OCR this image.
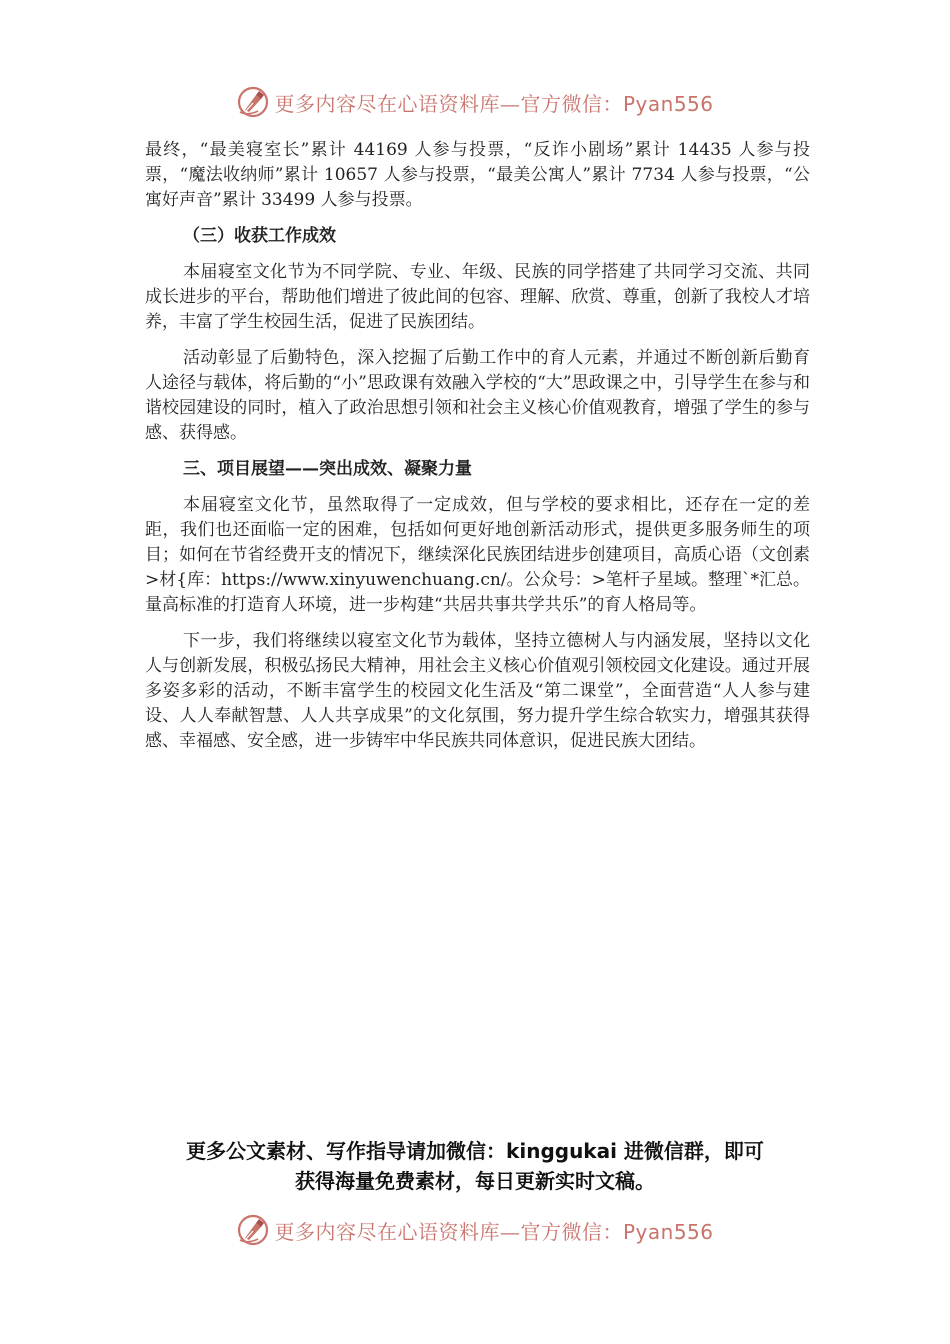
更多内容尽在心语资料库—官方微信：Pyan556

最终，“最美寝室长”累计 44169 人参与投票，“反诈小剧场”累计 14435 人参与投票，“魔法收纳师”累计 10657 人参与投票，“最美公寓人”累计 7734 人参与投票，“公寓好声音”累计 33499 人参与投票。

（三）收获工作成效

本届寝室文化节为不同学院、专业、年级、民族的同学搭建了共同学习交流、共同成长进步的平台，帮助他们增进了彼此间的包容、理解、欣赏、尊重，创新了我校人才培养，丰富了学生校园生活，促进了民族团结。

活动彰显了后勤特色，深入挖掘了后勤工作中的育人元素，并通过不断创新后勤育人途径与载体，将后勤的“小”思政课有效融入学校的“大”思政课之中，引导学生在参与和谐校园建设的同时，植入了政治思想引领和社会主义核心价值观教育，增强了学生的参与感、获得感。

三、项目展望——突出成效、凝聚力量

本届寝室文化节，虽然取得了一定成效，但与学校的要求相比，还存在一定的差距，我们也还面临一定的困难，包括如何更好地创新活动形式，提供更多服务师生的项目；如何在节省经费开支的情况下，继续深化民族团结进步创建项目，高质心语（文创素>材{库：https://www.xinyuwenchuang.cn/。公众号：>笔杆子星域。整理`*汇总。量高标准的打造育人环境，进一步构建“共居共事共学共乐”的育人格局等。

下一步，我们将继续以寝室文化节为载体，坚持立德树人与内涵发展，坚持以文化人与创新发展，积极弘扬民大精神，用社会主义核心价值观引领校园文化建设。通过开展多姿多彩的活动，不断丰富学生的校园文化生活及“第二课堂”，全面营造“人人参与建设、人人奉献智慧、人人共享成果”的文化氛围，努力提升学生综合软实力，增强其获得感、幸福感、安全感，进一步铸牢中华民族共同体意识，促进民族大团结。

更多公文素材、写作指导请加微信：kinggukai 进微信群，即可
获得海量免费素材，每日更新实时文稿。
更多内容尽在心语资料库—官方微信：Pyan556
